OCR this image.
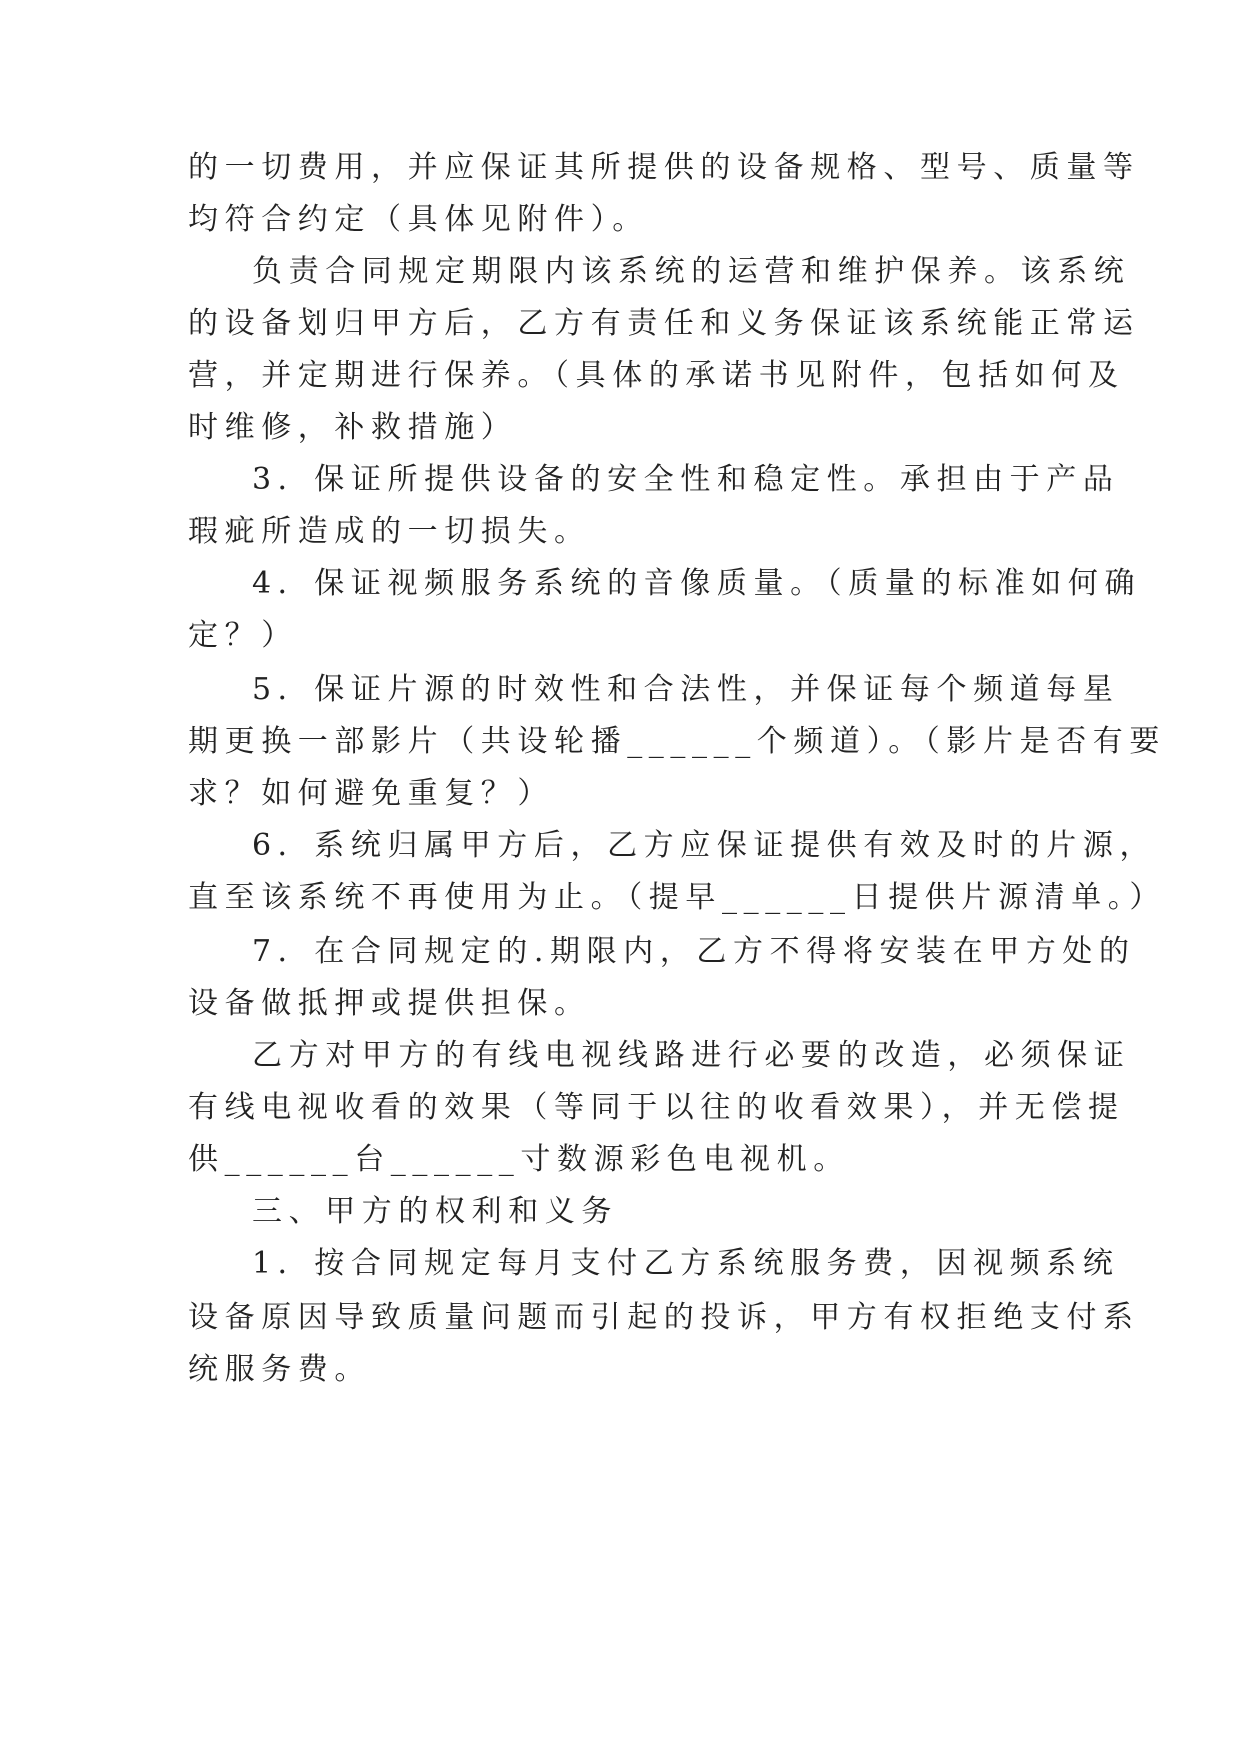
的一切费用，并应保证其所提供的设备规格、型号、质量等
均符合约定（具体见附件）。
负责合同规定期限内该系统的运营和维护保养。该系统
的设备划归甲方后，乙方有责任和义务保证该系统能正常运
营，并定期进行保养。（具体的承诺书见附件，包括如何及
时维修，补救措施）
3．保证所提供设备的安全性和稳定性。承担由于产品
瑕疵所造成的一切损失。
4．保证视频服务系统的音像质量。（质量的标准如何确
定？）
5．保证片源的时效性和合法性，并保证每个频道每星
期更换一部影片（共设轮播______个频道）。（影片是否有要
求？如何避免重复？）
6．系统归属甲方后，乙方应保证提供有效及时的片源，
直至该系统不再使用为止。（提早______日提供片源清单。）
7．在合同规定的.期限内，乙方不得将安装在甲方处的
设备做抵押或提供担保。
乙方对甲方的有线电视线路进行必要的改造，必须保证
有线电视收看的效果（等同于以往的收看效果），并无偿提
供______台______寸数源彩色电视机。
三、甲方的权利和义务
1．按合同规定每月支付乙方系统服务费，因视频系统
设备原因导致质量问题而引起的投诉，甲方有权拒绝支付系
统服务费。
